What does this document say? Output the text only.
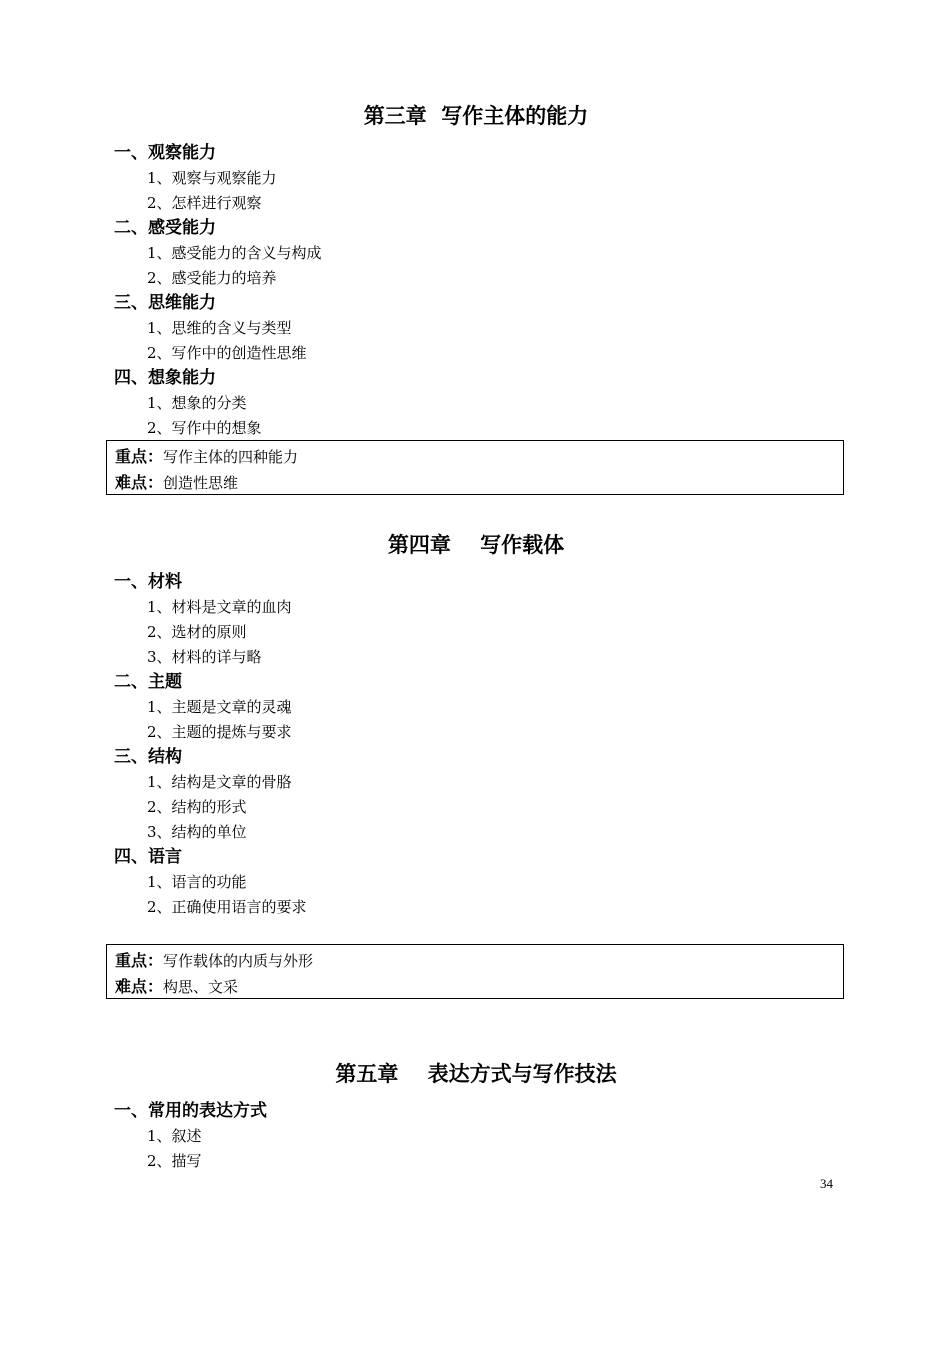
第三章  写作主体的能力
一、观察能力
1、观察与观察能力
2、怎样进行观察
二、感受能力
1、感受能力的含义与构成
2、感受能力的培养
三、思维能力
1、思维的含义与类型
2、写作中的创造性思维
四、想象能力
1、想象的分类
2、写作中的想象
重点：写作主体的四种能力
难点：创造性思维
第四章    写作载体
一、材料
1、材料是文章的血肉
2、选材的原则
3、材料的详与略
二、主题
1、主题是文章的灵魂
2、主题的提炼与要求
三、结构
1、结构是文章的骨胳
2、结构的形式
3、结构的单位
四、语言
1、语言的功能
2、正确使用语言的要求
重点：写作载体的内质与外形
难点：构思、文采
第五章    表达方式与写作技法
一、常用的表达方式
1、叙述
2、描写
34
